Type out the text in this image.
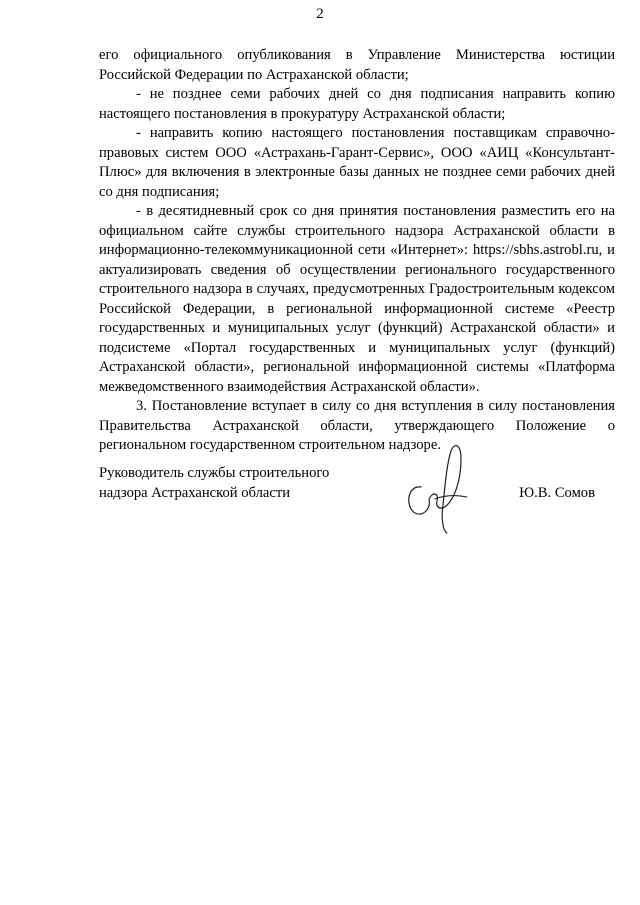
2

его официального опубликования в Управление Министерства юстиции Российской Федерации по Астраханской области;

- не позднее семи рабочих дней со дня подписания направить копию настоящего постановления в прокуратуру Астраханской области;

- направить копию настоящего постановления поставщикам справочно-правовых систем ООО «Астрахань-Гарант-Сервис», ООО «АИЦ «Консультант-Плюс» для включения в электронные базы данных не позднее семи рабочих дней со дня подписания;

- в десятидневный срок со дня принятия постановления разместить его на официальном сайте службы строительного надзора Астраханской области в информационно-телекоммуникационной сети «Интернет»: https://sbhs.astrobl.ru, и актуализировать сведения об осуществлении регионального государственного строительного надзора в случаях, предусмотренных Градостроительным кодексом Российской Федерации, в региональной информационной системе «Реестр государственных и муниципальных услуг (функций) Астраханской области» и подсистеме «Портал государственных и муниципальных услуг (функций) Астраханской области», региональной информационной системы «Платформа межведомственного взаимодействия Астраханской области».

3. Постановление вступает в силу со дня вступления в силу постановления Правительства Астраханской области, утверждающего Положение о региональном государственном строительном надзоре.

Руководитель службы строительного
надзора Астраханской области	Ю.В. Сомов
